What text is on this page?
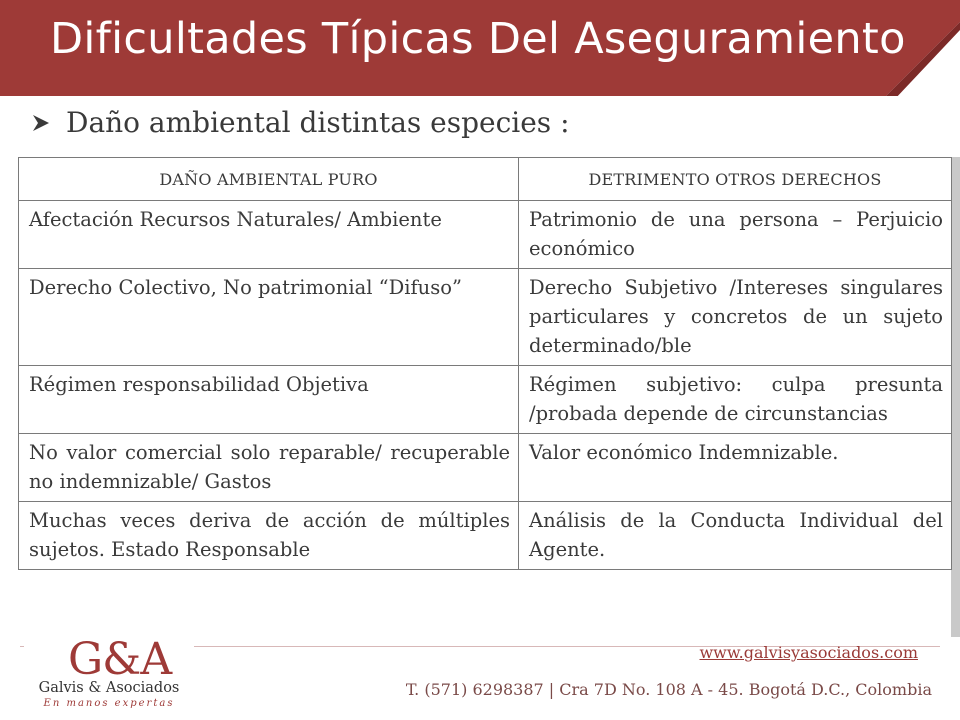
Dificultades Típicas Del Aseguramiento
Daño ambiental distintas especies :
DAÑO AMBIENTAL PURO	DETRIMENTO OTROS DERECHOS
Afectación Recursos Naturales/ Ambiente	Patrimonio de una persona – Perjuicio económico
Derecho Colectivo, No patrimonial “Difuso”	Derecho Subjetivo /Intereses singulares particulares y concretos de un sujeto determinado/ble
Régimen responsabilidad Objetiva	Régimen subjetivo: culpa presunta /probada depende de circunstancias
No valor comercial solo reparable/ recuperable no indemnizable/ Gastos	Valor económico Indemnizable.
Muchas veces deriva de acción de múltiples sujetos. Estado Responsable	Análisis de la Conducta Individual del Agente.
G&A
Galvis & Asociados
En manos expertas
www.galvisyasociados.com
T. (571) 6298387 | Cra 7D No. 108 A - 45. Bogotá D.C., Colombia
